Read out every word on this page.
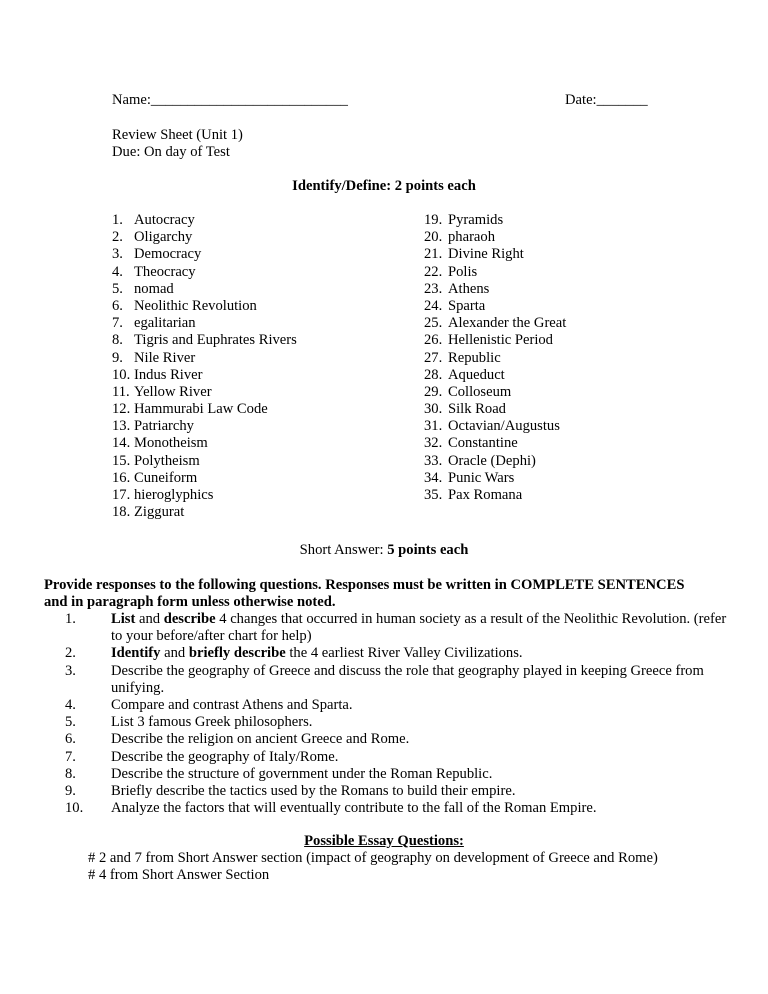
Name:___________________________	Date:_______
Review Sheet (Unit 1)
Due: On day of Test
Identify/Define: 2 points each
1. Autocracy
2. Oligarchy
3. Democracy
4. Theocracy
5. nomad
6. Neolithic Revolution
7. egalitarian
8. Tigris and Euphrates Rivers
9. Nile River
10. Indus River
11. Yellow River
12. Hammurabi Law Code
13. Patriarchy
14. Monotheism
15. Polytheism
16. Cuneiform
17. hieroglyphics
18. Ziggurat
19. Pyramids
20. pharaoh
21. Divine Right
22. Polis
23. Athens
24. Sparta
25. Alexander the Great
26. Hellenistic Period
27. Republic
28. Aqueduct
29. Colloseum
30. Silk Road
31. Octavian/Augustus
32. Constantine
33. Oracle (Dephi)
34. Punic Wars
35. Pax Romana
Short Answer: 5 points each
Provide responses to the following questions. Responses must be written in COMPLETE SENTENCES
and in paragraph form unless otherwise noted.
1. List and describe 4 changes that occurred in human society as a result of the Neolithic Revolution. (refer to your before/after chart for help)
2. Identify and briefly describe the 4 earliest River Valley Civilizations.
3. Describe the geography of Greece and discuss the role that geography played in keeping Greece from unifying.
4. Compare and contrast Athens and Sparta.
5. List 3 famous Greek philosophers.
6. Describe the religion on ancient Greece and Rome.
7. Describe the geography of Italy/Rome.
8. Describe the structure of government under the Roman Republic.
9. Briefly describe the tactics used by the Romans to build their empire.
10. Analyze the factors that will eventually contribute to the fall of the Roman Empire.
Possible Essay Questions:
# 2 and 7 from Short Answer section (impact of geography on development of Greece and Rome)
# 4 from Short Answer Section
